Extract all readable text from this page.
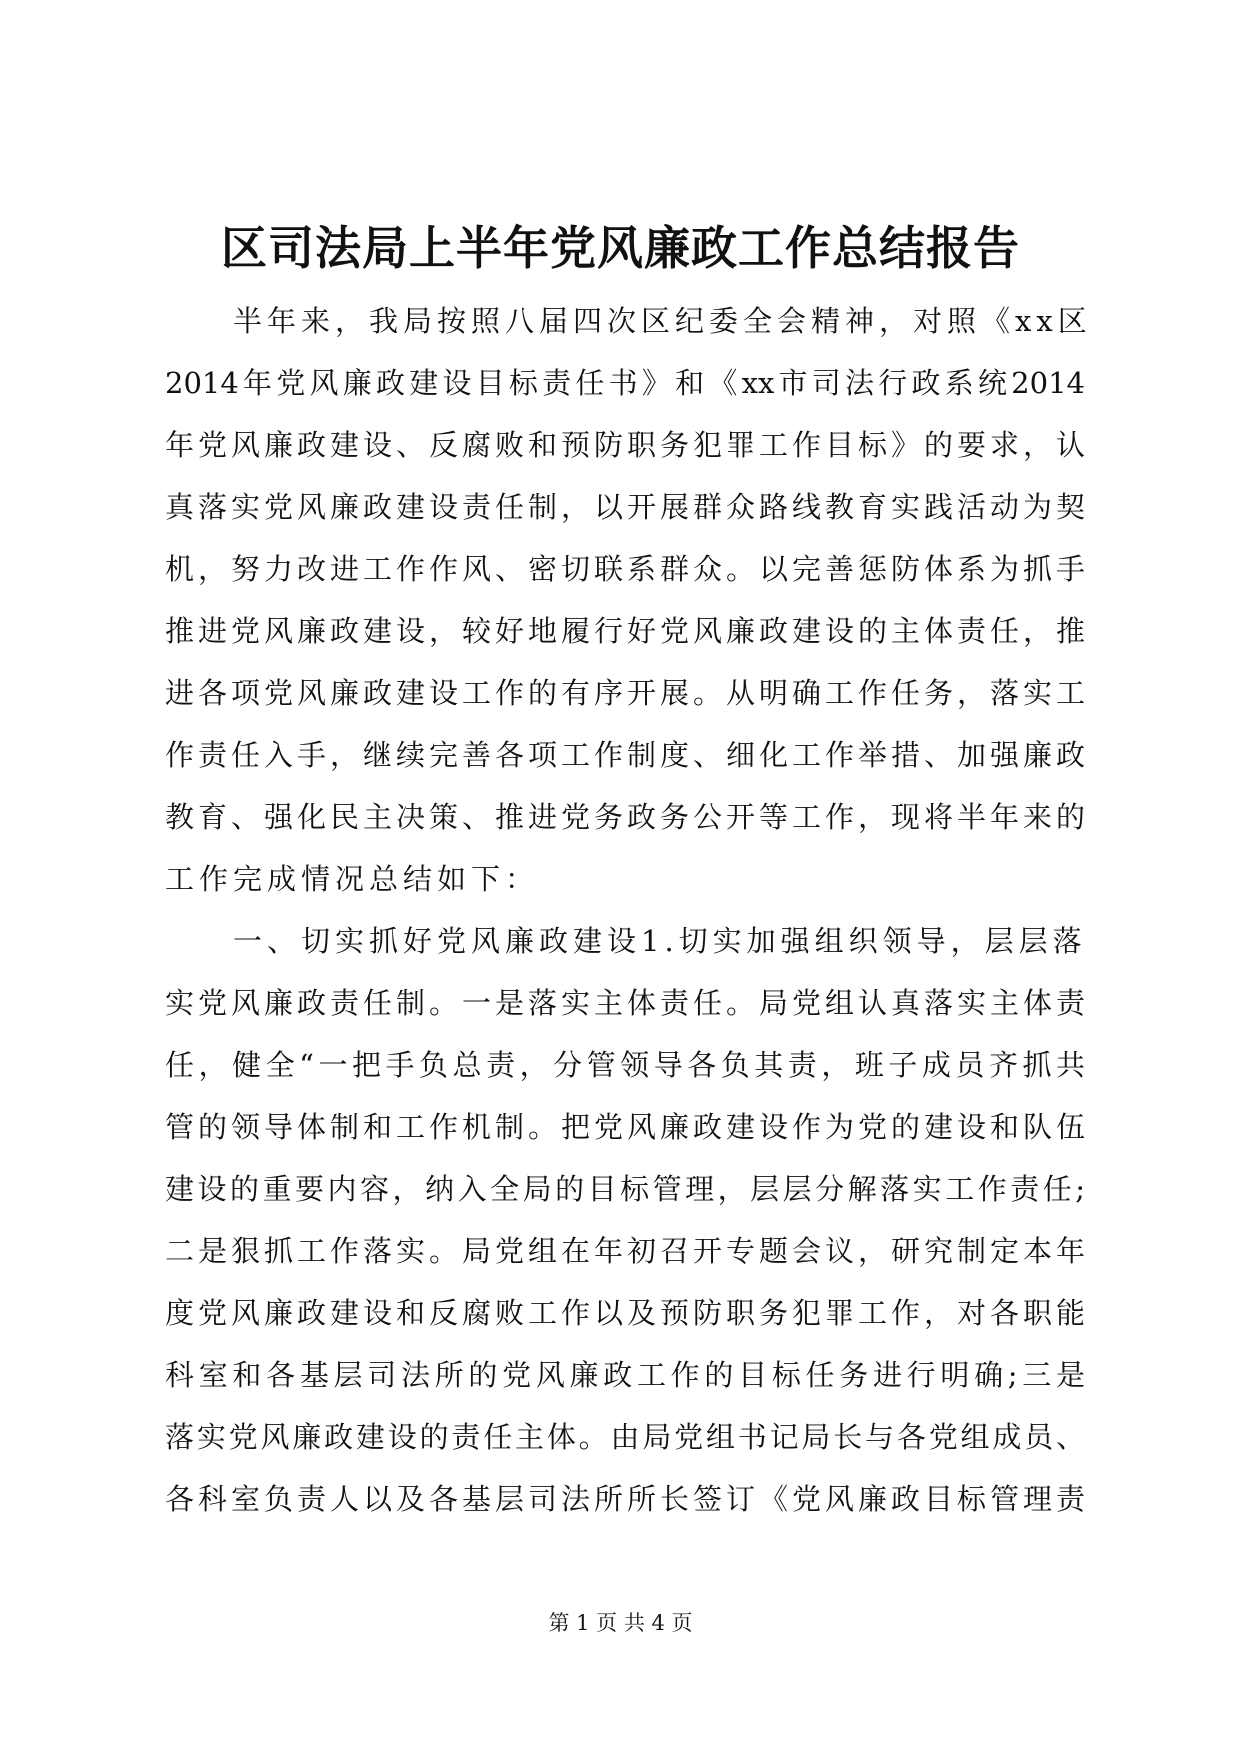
区司法局上半年党风廉政工作总结报告
　　半年来，我局按照八届四次区纪委全会精神，对照《xx区
2014年党风廉政建设目标责任书》和《xx市司法行政系统2014
年党风廉政建设、反腐败和预防职务犯罪工作目标》的要求，认
真落实党风廉政建设责任制，以开展群众路线教育实践活动为契
机，努力改进工作作风、密切联系群众。以完善惩防体系为抓手
推进党风廉政建设，较好地履行好党风廉政建设的主体责任，推
进各项党风廉政建设工作的有序开展。从明确工作任务，落实工
作责任入手，继续完善各项工作制度、细化工作举措、加强廉政
教育、强化民主决策、推进党务政务公开等工作，现将半年来的
工作完成情况总结如下：
　　一、切实抓好党风廉政建设1.切实加强组织领导，层层落
实党风廉政责任制。一是落实主体责任。局党组认真落实主体责
任，健全“一把手负总责，分管领导各负其责，班子成员齐抓共
管的领导体制和工作机制。把党风廉政建设作为党的建设和队伍
建设的重要内容，纳入全局的目标管理，层层分解落实工作责任;
二是狠抓工作落实。局党组在年初召开专题会议，研究制定本年
度党风廉政建设和反腐败工作以及预防职务犯罪工作，对各职能
科室和各基层司法所的党风廉政工作的目标任务进行明确;三是
落实党风廉政建设的责任主体。由局党组书记局长与各党组成员、
各科室负责人以及各基层司法所所长签订《党风廉政目标管理责
第 1 页 共 4 页
